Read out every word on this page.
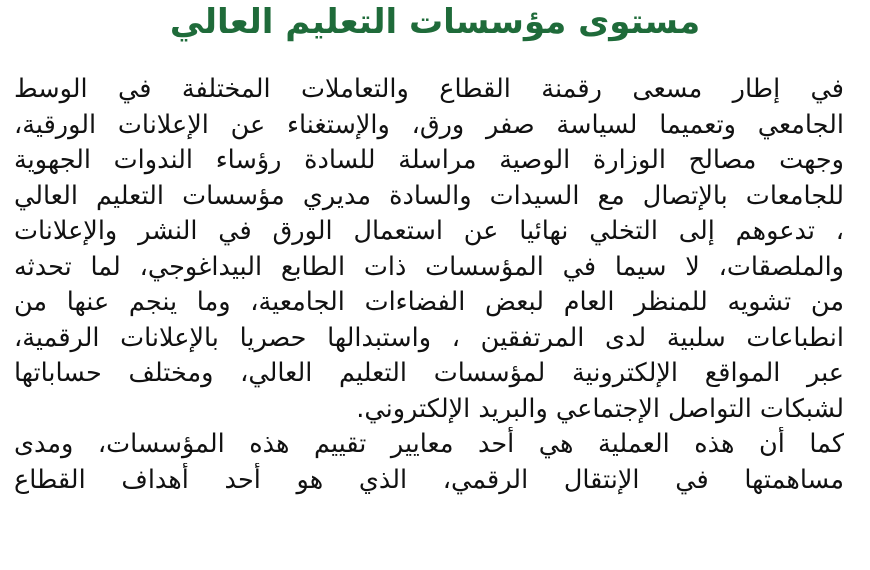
مستوى مؤسسات التعليم العالي
في إطار مسعى رقمنة القطاع والتعاملات المختلفة في الوسط
الجامعي وتعميما لسياسة صفر ورق، والإستغناء عن الإعلانات الورقية،
وجهت مصالح الوزارة الوصية مراسلة للسادة رؤساء الندوات الجهوية
للجامعات بالإتصال مع السيدات والسادة مديري مؤسسات التعليم العالي
، تدعوهم إلى التخلي نهائيا عن استعمال الورق في النشر والإعلانات
والملصقات، لا سيما في المؤسسات ذات الطابع البيداغوجي، لما تحدثه
من تشويه للمنظر العام لبعض الفضاءات الجامعية، وما ينجم عنها من
انطباعات سلبية لدى المرتفقين ، واستبدالها حصريا بالإعلانات الرقمية،
عبر المواقع الإلكترونية لمؤسسات التعليم العالي، ومختلف حساباتها
لشبكات التواصل الإجتماعي والبريد الإلكتروني.
كما أن هذه العملية هي أحد معايير تقييم هذه المؤسسات، ومدى
مساهمتها في الإنتقال الرقمي، الذي هو أحد أهداف القطاع
